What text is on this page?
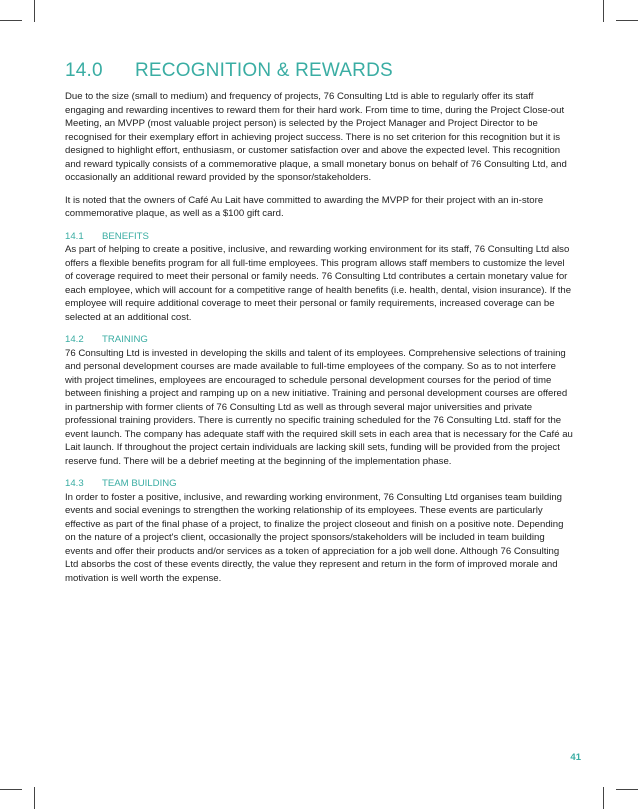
14.0	RECOGNITION & REWARDS

Due to the size (small to medium) and frequency of projects, 76 Consulting Ltd is able to regularly offer its staff engaging and rewarding incentives to reward them for their hard work. From time to time, during the Project Close-out Meeting, an MVPP (most valuable project person) is selected by the Project Manager and Project Director to be recognised for their exemplary effort in achieving project success. There is no set criterion for this recognition but it is designed to highlight effort, enthusiasm, or customer satisfaction over and above the expected level. This recognition and reward typically consists of a commemorative plaque, a small monetary bonus on behalf of 76 Consulting Ltd, and occasionally an additional reward provided by the sponsor/stakeholders.

It is noted that the owners of Café Au Lait have committed to awarding the MVPP for their project with an in-store commemorative plaque, as well as a $100 gift card.

14.1	BENEFITS

As part of helping to create a positive, inclusive, and rewarding working environment for its staff, 76 Consulting Ltd also offers a flexible benefits program for all full-time employees. This program allows staff members to customize the level of coverage required to meet their personal or family needs. 76 Consulting Ltd contributes a certain monetary value for each employee, which will account for a competitive range of health benefits (i.e. health, dental, vision insurance). If the employee will require additional coverage to meet their personal or family requirements, increased coverage can be selected at an additional cost.

14.2	TRAINING

76 Consulting Ltd is invested in developing the skills and talent of its employees. Comprehensive selections of training and personal development courses are made available to full-time employees of the company. So as to not interfere with project timelines, employees are encouraged to schedule personal development courses for the period of time between finishing a project and ramping up on a new initiative. Training and personal development courses are offered in partnership with former clients of 76 Consulting Ltd as well as through several major universities and private professional training providers. There is currently no specific training scheduled for the 76 Consulting Ltd. staff for the event launch. The company has adequate staff with the required skill sets in each area that is necessary for the Café au Lait launch. If throughout the project certain individuals are lacking skill sets, funding will be provided from the project reserve fund. There will be a debrief meeting at the beginning of the implementation phase.

14.3	TEAM BUILDING

In order to foster a positive, inclusive, and rewarding working environment, 76 Consulting Ltd organises team building events and social evenings to strengthen the working relationship of its employees. These events are particularly effective as part of the final phase of a project, to finalize the project closeout and finish on a positive note. Depending on the nature of a project's client, occasionally the project sponsors/stakeholders will be included in team building events and offer their products and/or services as a token of appreciation for a job well done. Although 76 Consulting Ltd absorbs the cost of these events directly, the value they represent and return in the form of improved morale and motivation is well worth the expense.

41
